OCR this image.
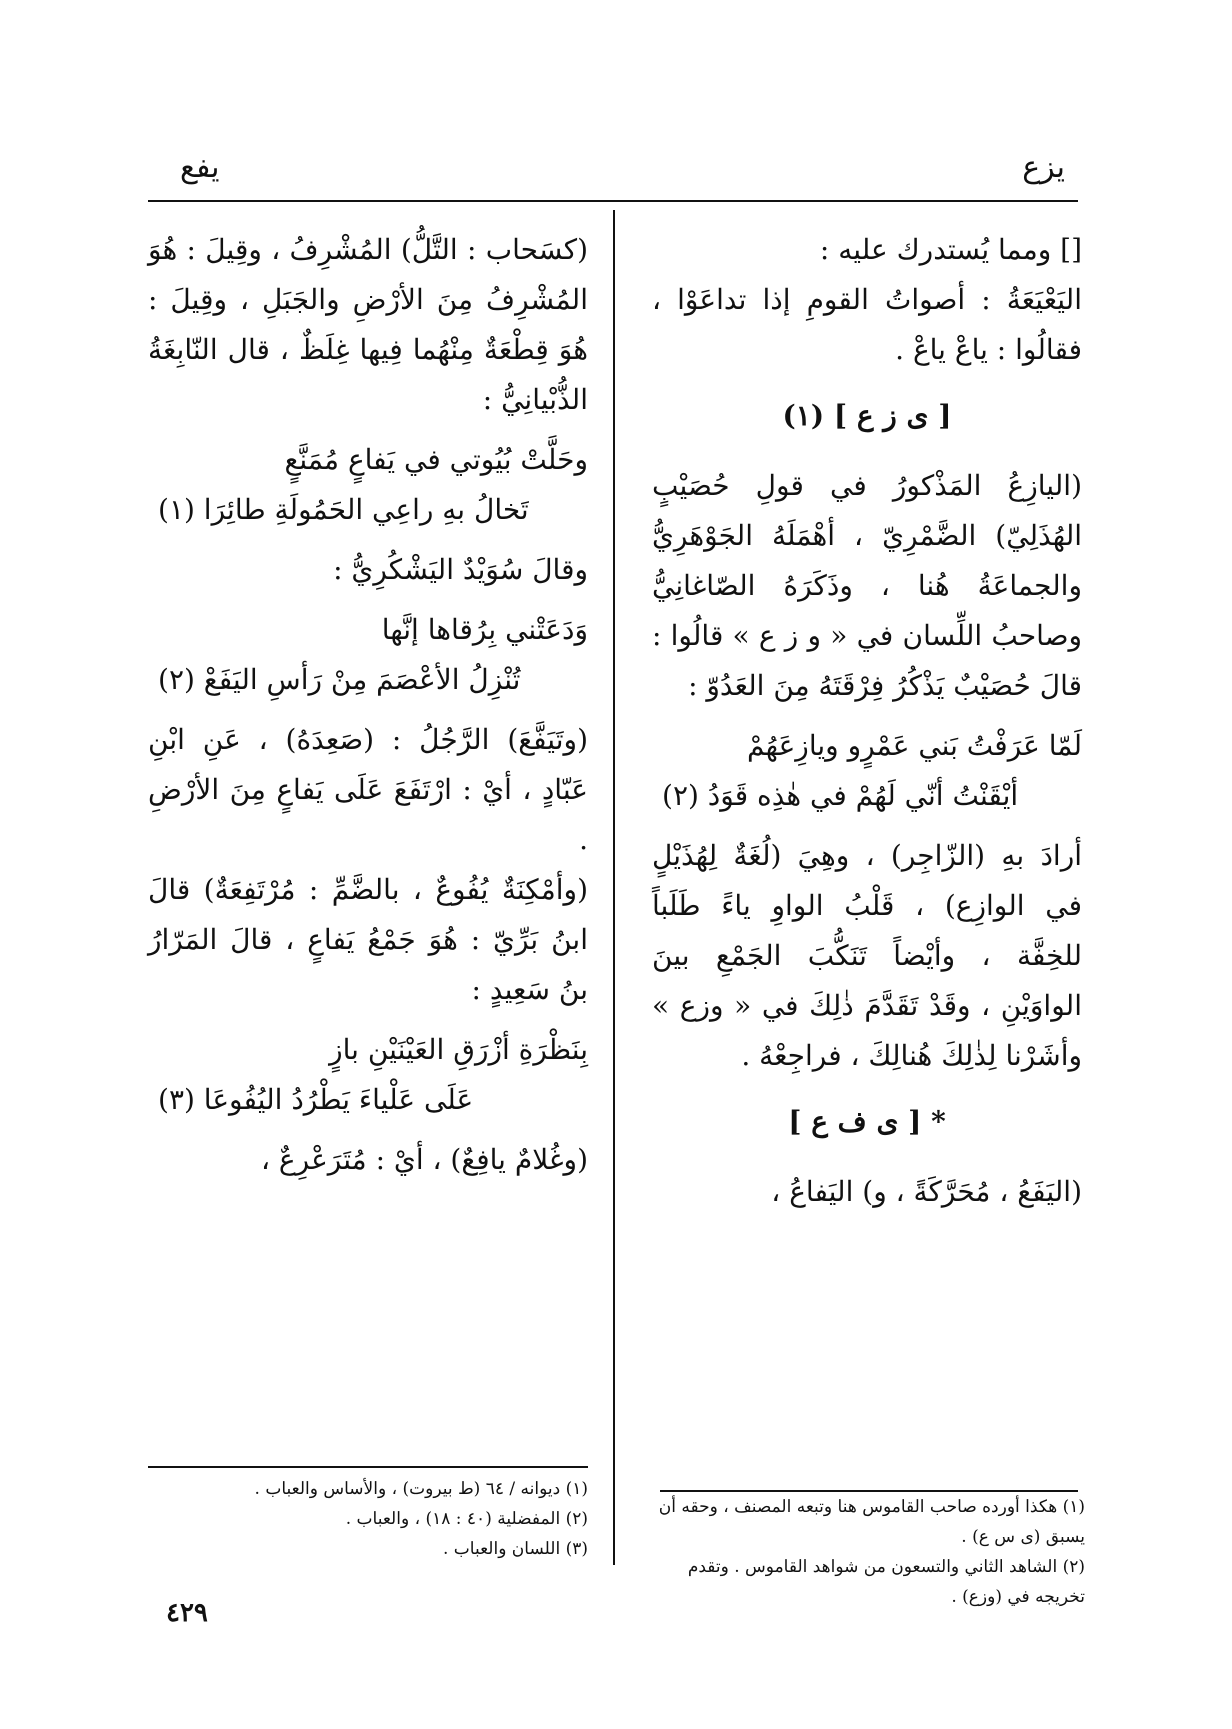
يزع
يفع

[] ومما يُستدرك عليه :

اليَعْيَعَةُ : أصواتُ القومِ إذا تداعَوْا ، فقالُوا : ياعْ ياعْ .

[ ى ز ع ] (١)

(اليازِعُ المَذْكورُ في قولِ حُصَيْبٍ الهُذَلِيّ) الضَّمْرِيّ ، أهْمَلَهُ الجَوْهَرِيُّ والجماعَةُ هُنا ، وذَكَرَهُ الصّاغانِيُّ وصاحبُ اللِّسان في « و ز ع » قالُوا : قالَ حُصَيْبٌ يَذْكُرُ فِرْقَتَهُ مِنَ العَدُوّ :

لَمّا عَرَفْتُ بَني عَمْرٍو ويازِعَهُمْ
أيْقَنْتُ أنّي لَهُمْ في هٰذِه قَوَدُ (٢)

أرادَ بهِ (الزّاجِر) ، وهِيَ (لُغَةٌ لِهُذَيْلٍ في الوازِع) ، قَلْبُ الواوِ ياءً طَلَباً للخِفَّة ، وأيْضاً تَنَكُّبَ الجَمْعِ بينَ الواوَيْنِ ، وقَدْ تَقَدَّمَ ذٰلِكَ في « وزع » وأشَرْنا لِذٰلِكَ هُنالِكَ ، فراجِعْهُ .

* [ ى ف ع ]

(اليَفَعُ ، مُحَرَّكَةً ، و) اليَفاعُ ،

(كسَحاب : التَّلُّ) المُشْرِفُ ، وقِيلَ : هُوَ المُشْرِفُ مِنَ الأرْضِ والجَبَلِ ، وقِيلَ : هُوَ قِطْعَةٌ مِنْهُما فِيها غِلَظٌ ، قال النّابِغَةُ الذُّبْيانِيُّ :

وحَلَّتْ بُيُوتي في يَفاعٍ مُمَنَّعٍ
تَخالُ بهِ راعِي الحَمُولَةِ طائِرَا (١)

وقالَ سُوَيْدٌ اليَشْكُرِيُّ :

وَدَعَتْني بِرُقاها إنَّها
تُنْزِلُ الأعْصَمَ مِنْ رَأسِ اليَفَعْ (٢)

(وتَيَفَّعَ) الرَّجُلُ : (صَعِدَهُ) ، عَنِ ابْنِ عَبّادٍ ، أيْ : ارْتَفَعَ عَلَى يَفاعٍ مِنَ الأرْضِ .

(وأمْكِنَةٌ يُفُوعٌ ، بالضَّمِّ : مُرْتَفِعَةٌ) قالَ ابنُ بَرِّيّ : هُوَ جَمْعُ يَفاعٍ ، قالَ المَرّارُ بنُ سَعِيدٍ :

بِنَظْرَةِ أزْرَقِ العَيْنَيْنِ بازٍ
عَلَى عَلْياءَ يَطْرُدُ اليُفُوعَا (٣)

(وغُلامٌ يافِعٌ) ، أيْ : مُتَرَعْرِعٌ ،

(١) هكذا أورده صاحب القاموس هنا وتبعه المصنف ، وحقه أن يسبق (ى س ع) .

(٢) الشاهد الثاني والتسعون من شواهد القاموس . وتقدم تخريجه في (وزع) .

(١) ديوانه / ٦٤ (ط بيروت) ، والأساس والعباب .

(٢) المفضلية (٤٠ : ١٨) ، والعباب .

(٣) اللسان والعباب .

٤٢٩
